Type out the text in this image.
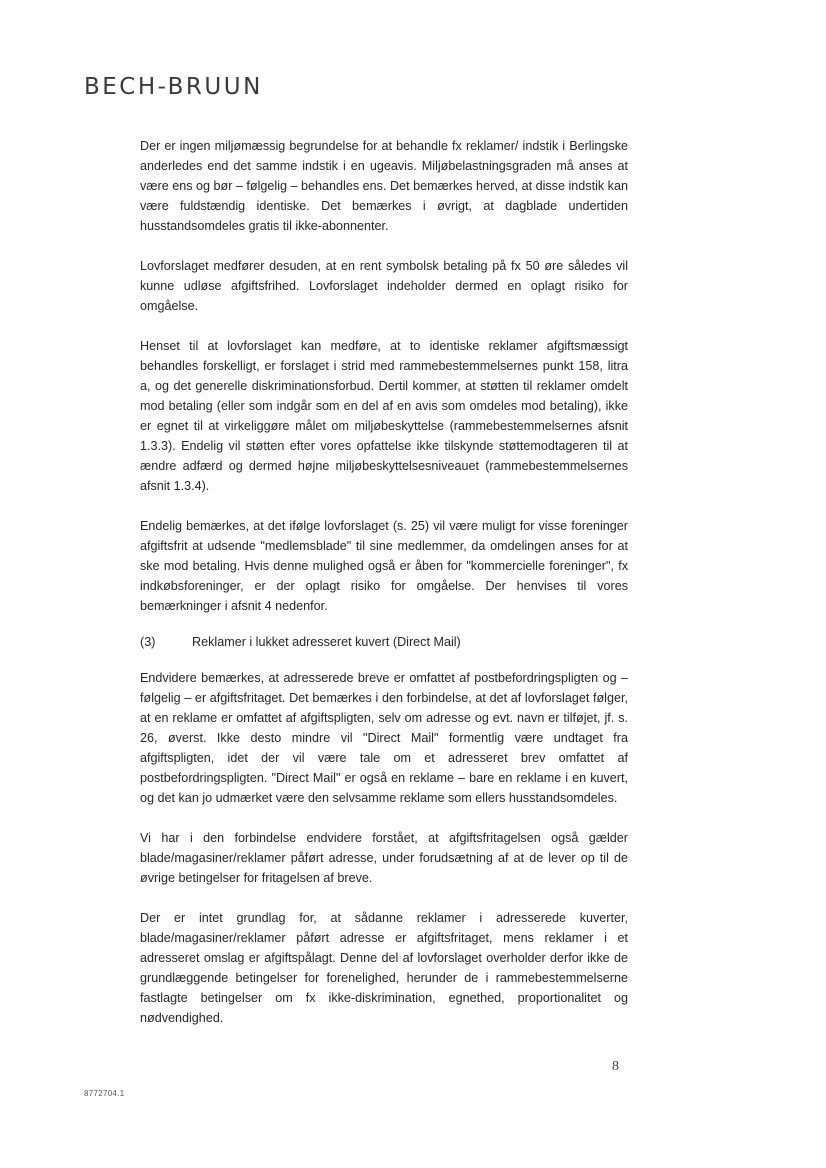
BECH-BRUUN

Der er ingen miljømæssig begrundelse for at behandle fx reklamer/ indstik i Berlingske anderledes end det samme indstik i en ugeavis. Miljøbelastningsgraden må anses at være ens og bør – følgelig – behandles ens. Det bemærkes herved, at disse indstik kan være fuldstændig identiske. Det bemærkes i øvrigt, at dagblade undertiden husstandsomdeles gratis til ikke-abonnenter.

Lovforslaget medfører desuden, at en rent symbolsk betaling på fx 50 øre således vil kunne udløse afgiftsfrihed. Lovforslaget indeholder dermed en oplagt risiko for omgåelse.

Henset til at lovforslaget kan medføre, at to identiske reklamer afgiftsmæssigt behandles forskelligt, er forslaget i strid med rammebestemmelsernes punkt 158, litra a, og det generelle diskriminationsforbud. Dertil kommer, at støtten til reklamer omdelt mod betaling (eller som indgår som en del af en avis som omdeles mod betaling), ikke er egnet til at virkeliggøre målet om miljøbeskyttelse (rammebestemmelsernes afsnit 1.3.3). Endelig vil støtten efter vores opfattelse ikke tilskynde støttemodtageren til at ændre adfærd og dermed højne miljøbeskyttelsesniveauet (rammebestemmelsernes afsnit 1.3.4).

Endelig bemærkes, at det ifølge lovforslaget (s. 25) vil være muligt for visse foreninger afgiftsfrit at udsende "medlemsblade" til sine medlemmer, da omdelingen anses for at ske mod betaling. Hvis denne mulighed også er åben for "kommercielle foreninger", fx indkøbsforeninger, er der oplagt risiko for omgåelse. Der henvises til vores bemærkninger i afsnit 4 nedenfor.

(3)	Reklamer i lukket adresseret kuvert (Direct Mail)

Endvidere bemærkes, at adresserede breve er omfattet af postbefordringspligten og – følgelig – er afgiftsfritaget. Det bemærkes i den forbindelse, at det af lovforslaget følger, at en reklame er omfattet af afgiftspligten, selv om adresse og evt. navn er tilføjet, jf. s. 26, øverst. Ikke desto mindre vil "Direct Mail" formentlig være undtaget fra afgiftspligten, idet der vil være tale om et adresseret brev omfattet af postbefordringspligten. "Direct Mail" er også en reklame – bare en reklame i en kuvert, og det kan jo udmærket være den selvsamme reklame som ellers husstandsomdeles.

Vi har i den forbindelse endvidere forstået, at afgiftsfritagelsen også gælder blade/magasiner/reklamer påført adresse, under forudsætning af at de lever op til de øvrige betingelser for fritagelsen af breve.

Der er intet grundlag for, at sådanne reklamer i adresserede kuverter, blade/magasiner/reklamer påført adresse er afgiftsfritaget, mens reklamer i et adresseret omslag er afgiftspålagt. Denne del af lovforslaget overholder derfor ikke de grundlæggende betingelser for forenelighed, herunder de i rammebestemmelserne fastlagte betingelser om fx ikke-diskrimination, egnethed, proportionalitet og nødvendighed.

8
8772704.1
